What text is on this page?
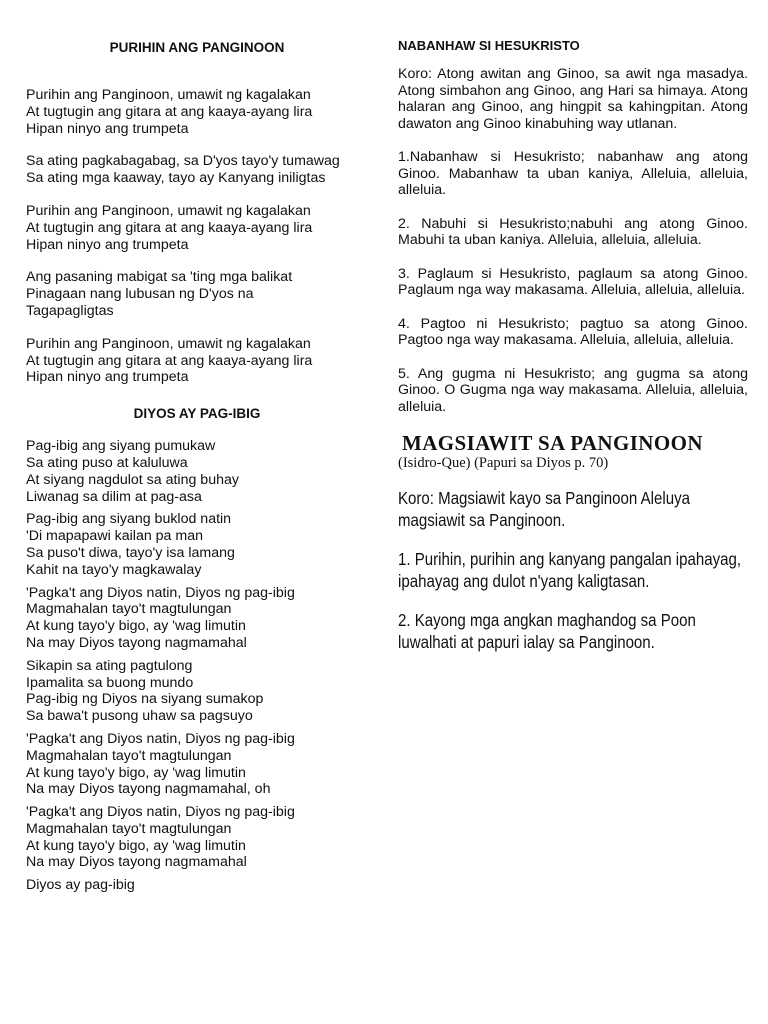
PURIHIN ANG PANGINOON

Purihin ang Panginoon, umawit ng kagalakan

At tugtugin ang gitara at ang kaaya-ayang lira

Hipan ninyo ang trumpeta

Sa ating pagkabagabag, sa D'yos tayo'y tumawag

Sa ating mga kaaway, tayo ay Kanyang iniligtas

Purihin ang Panginoon, umawit ng kagalakan

At tugtugin ang gitara at ang kaaya-ayang lira

Hipan ninyo ang trumpeta

Ang pasaning mabigat sa 'ting mga balikat

Pinagaan nang lubusan ng D'yos na

Tagapagligtas

Purihin ang Panginoon, umawit ng kagalakan

At tugtugin ang gitara at ang kaaya-ayang lira

Hipan ninyo ang trumpeta

DIYOS AY PAG-IBIG

Pag-ibig ang siyang pumukaw

Sa ating puso at kaluluwa

At siyang nagdulot sa ating buhay

Liwanag sa dilim at pag-asa

Pag-ibig ang siyang buklod natin

'Di mapapawi kailan pa man

Sa puso't diwa, tayo'y isa lamang

Kahit na tayo'y magkawalay

'Pagka't ang Diyos natin, Diyos ng pag-ibig

Magmahalan tayo't magtulungan

At kung tayo'y bigo, ay 'wag limutin

Na may Diyos tayong nagmamahal

Sikapin sa ating pagtulong

Ipamalita sa buong mundo

Pag-ibig ng Diyos na siyang sumakop

Sa bawa't pusong uhaw sa pagsuyo

'Pagka't ang Diyos natin, Diyos ng pag-ibig

Magmahalan tayo't magtulungan

At kung tayo'y bigo, ay 'wag limutin

Na may Diyos tayong nagmamahal, oh

'Pagka't ang Diyos natin, Diyos ng pag-ibig

Magmahalan tayo't magtulungan

At kung tayo'y bigo, ay 'wag limutin

Na may Diyos tayong nagmamahal

Diyos ay pag-ibig

NABANHAW SI HESUKRISTO

Koro: Atong awitan ang Ginoo, sa awit nga masadya. Atong simbahon ang Ginoo, ang Hari sa himaya. Atong halaran ang Ginoo, ang hingpit sa kahingpitan. Atong dawaton ang Ginoo kinabuhing way utlanan.

1.Nabanhaw si Hesukristo; nabanhaw ang atong Ginoo. Mabanhaw ta uban kaniya, Alleluia, alleluia, alleluia.

2. Nabuhi si Hesukristo;nabuhi ang atong Ginoo. Mabuhi ta uban kaniya. Alleluia, alleluia, alleluia.

3. Paglaum si Hesukristo, paglaum sa atong Ginoo. Paglaum nga way makasama. Alleluia, alleluia, alleluia.

4. Pagtoo ni Hesukristo; pagtuo sa atong Ginoo. Pagtoo nga way makasama. Alleluia, alleluia, alleluia.

5. Ang gugma ni Hesukristo; ang gugma sa atong Ginoo. O Gugma nga way makasama. Alleluia, alleluia, alleluia.

MAGSIAWIT SA PANGINOON

(Isidro-Que) (Papuri sa Diyos p. 70)

Koro: Magsiawit kayo sa Panginoon Aleluya magsiawit sa Panginoon.

1. Purihin, purihin ang kanyang pangalan ipahayag, ipahayag ang dulot n'yang kaligtasan.

2. Kayong mga angkan maghandog sa Poon luwalhati at papuri ialay sa Panginoon.
